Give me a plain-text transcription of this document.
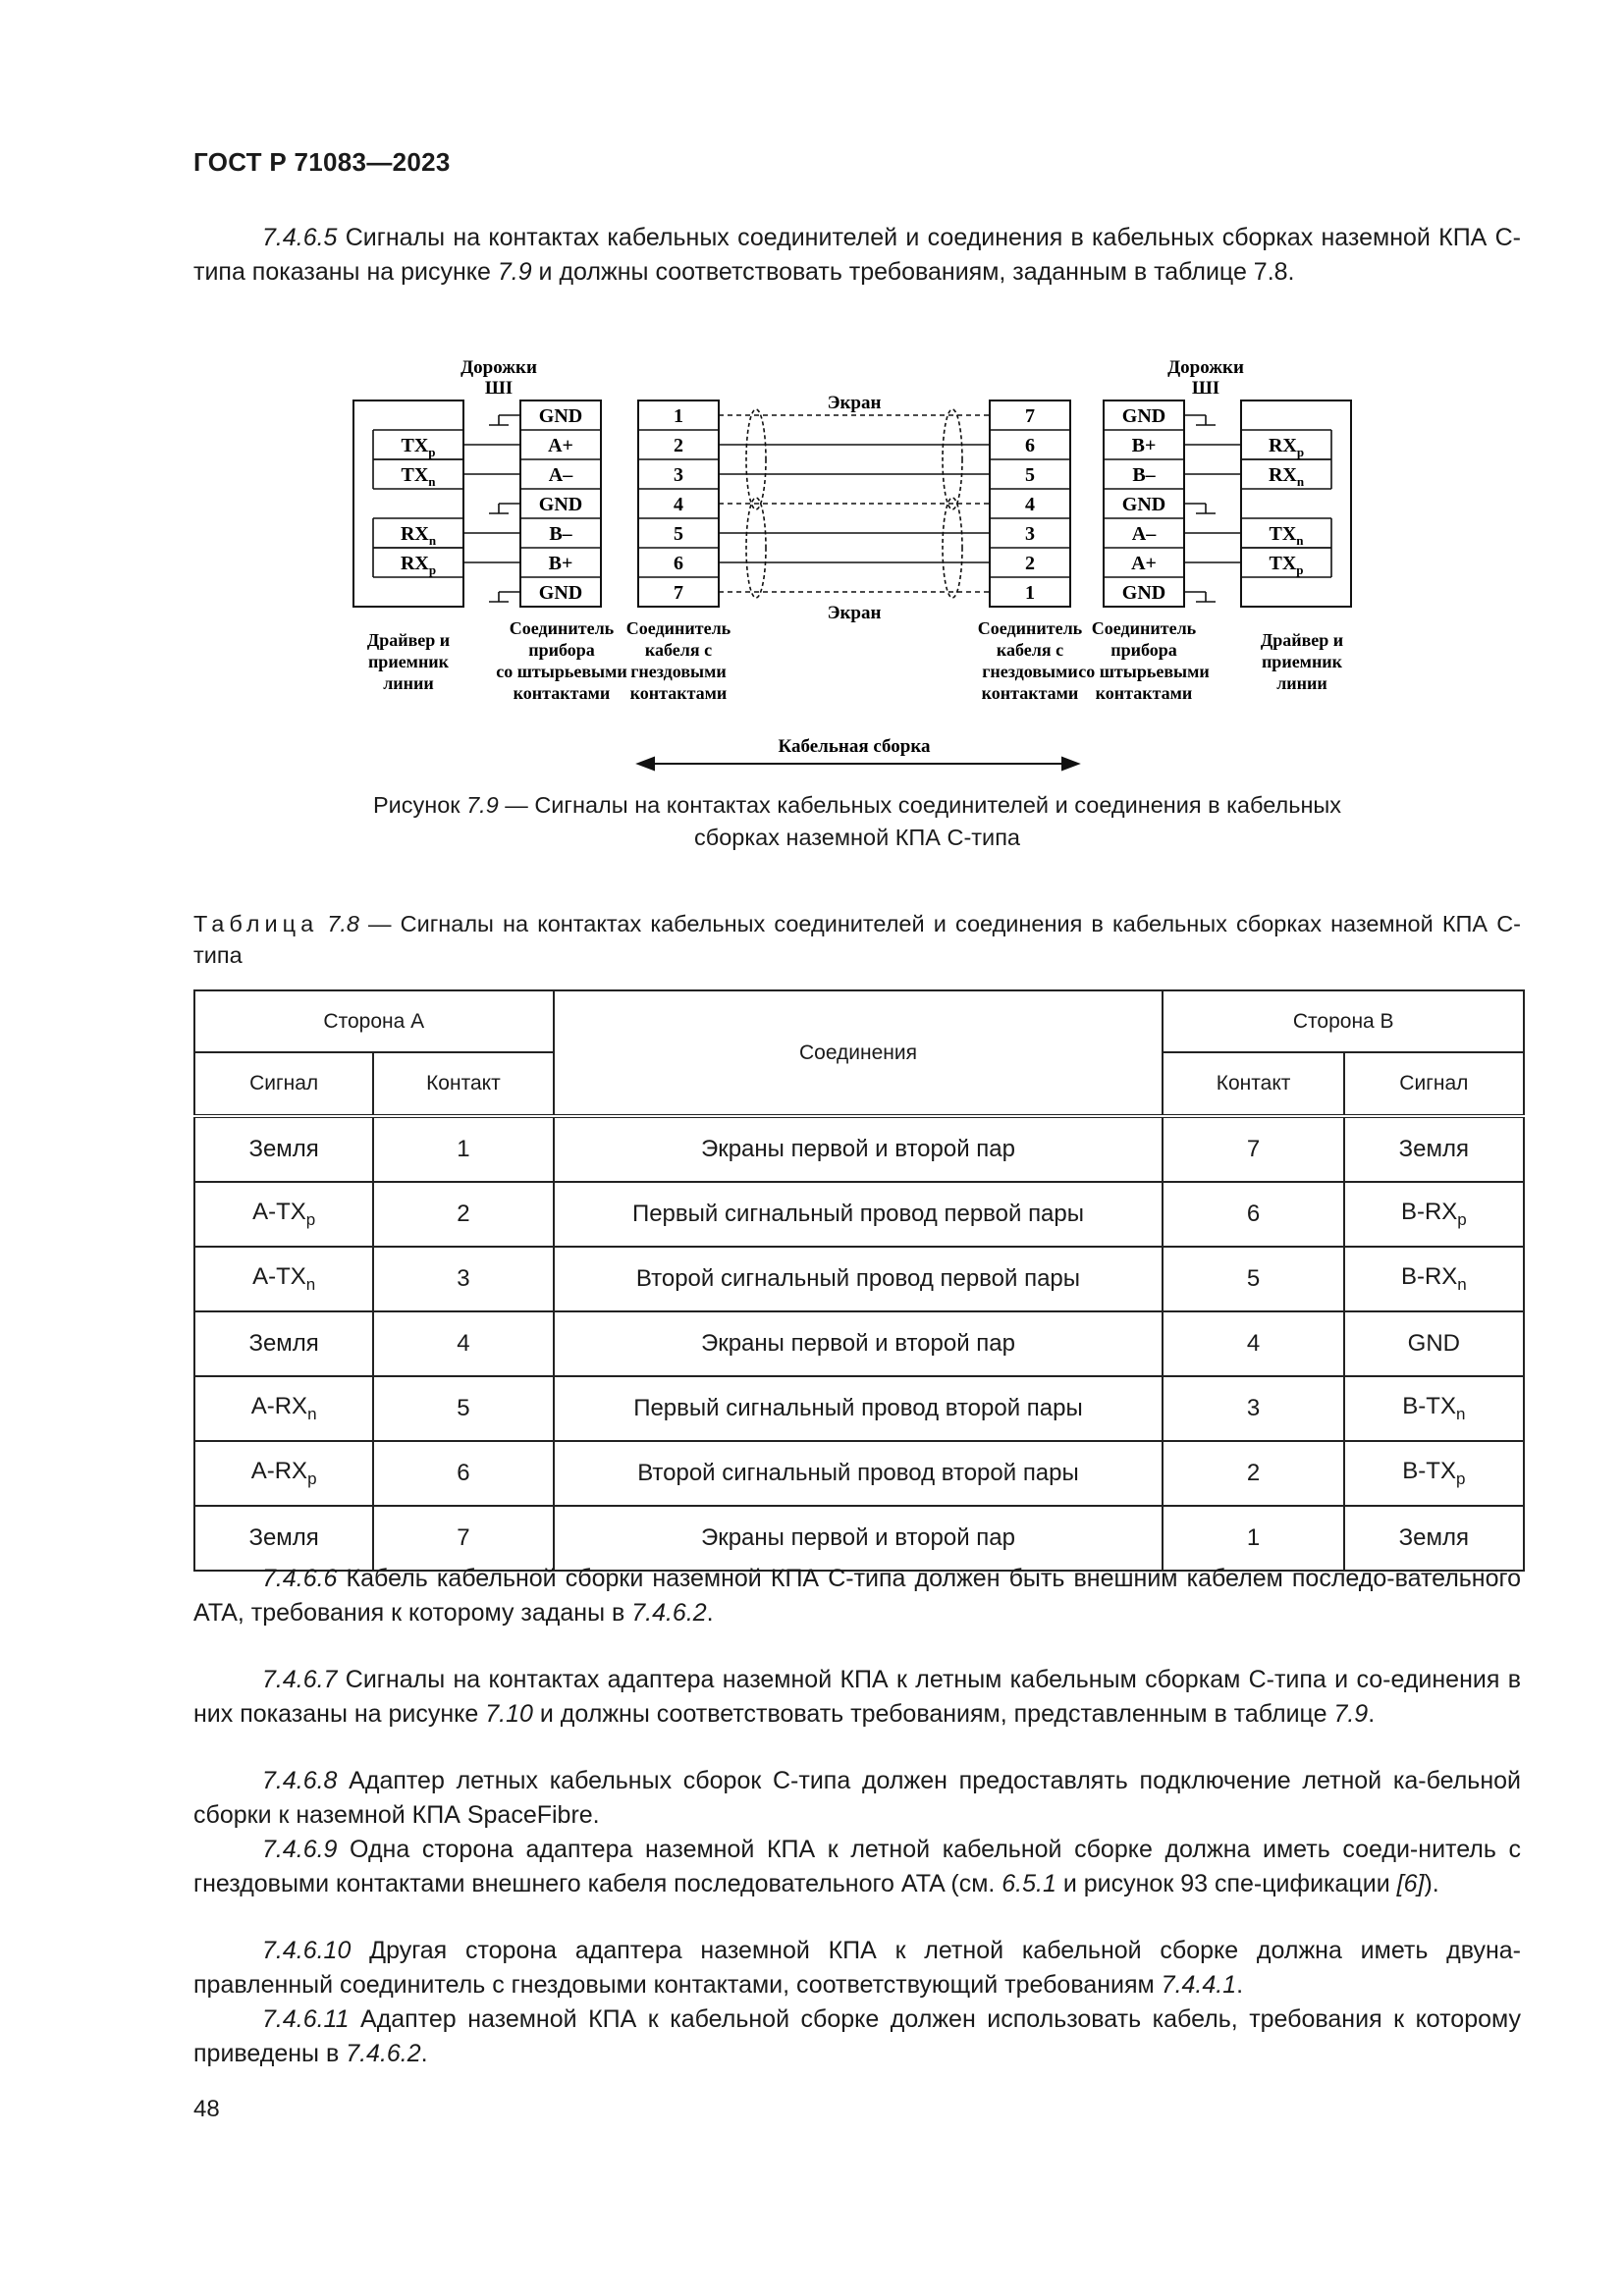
ГОСТ Р 71083—2023
7.4.6.5 Сигналы на контактах кабельных соединителей и соединения в кабельных сборках наземной КПА С-типа показаны на рисунке 7.9 и должны соответствовать требованиям, заданным в таблице 7.8.
GND	1	7	GND
$TX_p$	A+	2	6	B+	$RX_p$
$TX_n$	A–	3	5	B–	$RX_n$
GND	4	4	GND
$RX_n$	B–	5	3	A–	$TX_n$
$RX_p$	B+	6	2	A+	$TX_p$
GND	7	1	GND
Дорожки
ШI
Дорожки
ШI
Экран
Экран
Драйвер и
приемник
линии
Соединитель
прибора
со штырьевыми
контактами
Соединитель
кабеля с
гнездовыми
контактами
Соединитель
кабеля с
гнездовыми
контактами
Соединитель
прибора
со штырьевыми
контактами
Драйвер и
приемник
линии
Кабельная сборка
Рисунок 7.9 — Сигналы на контактах кабельных соединителей и соединения в кабельных
сборках наземной КПА С-типа
Таблица 7.8 — Сигналы на контактах кабельных соединителей и соединения в кабельных сборках наземной КПА С-типа
Сторона А		Соединения	Сторона В	
Сигнал	Контакт		Контакт	Сигнал
Земля	1	Экраны первой и второй пар	7	Земля
$A-TX_p$	2	Первый сигнальный провод первой пары	6	$B-RX_p$
$A-TX_n$	3	Второй сигнальный провод первой пары	5	$B-RX_n$
Земля	4	Экраны первой и второй пар	4	GND
$A-RX_n$	5	Первый сигнальный провод второй пары	3	$B-TX_n$
$A-RX_p$	6	Второй сигнальный провод второй пары	2	$B-TX_p$
Земля	7	Экраны первой и второй пар	1	Земля
7.4.6.6 Кабель кабельной сборки наземной КПА С-типа должен быть внешним кабелем последо-вательного ATA, требования к которому заданы в 7.4.6.2.
7.4.6.7 Сигналы на контактах адаптера наземной КПА к летным кабельным сборкам С-типа и со-единения в них показаны на рисунке 7.10 и должны соответствовать требованиям, представленным в таблице 7.9.
7.4.6.8 Адаптер летных кабельных сборок С-типа должен предоставлять подключение летной ка-бельной сборки к наземной КПА SpaceFibre.
7.4.6.9 Одна сторона адаптера наземной КПА к летной кабельной сборке должна иметь соеди-нитель с гнездовыми контактами внешнего кабеля последовательного ATA (см. 6.5.1 и рисунок 93 спе-цификации [6]).
7.4.6.10 Другая сторона адаптера наземной КПА к летной кабельной сборке должна иметь двуна-правленный соединитель с гнездовыми контактами, соответствующий требованиям 7.4.4.1.
7.4.6.11 Адаптер наземной КПА к кабельной сборке должен использовать кабель, требования к которому приведены в 7.4.6.2.
48
